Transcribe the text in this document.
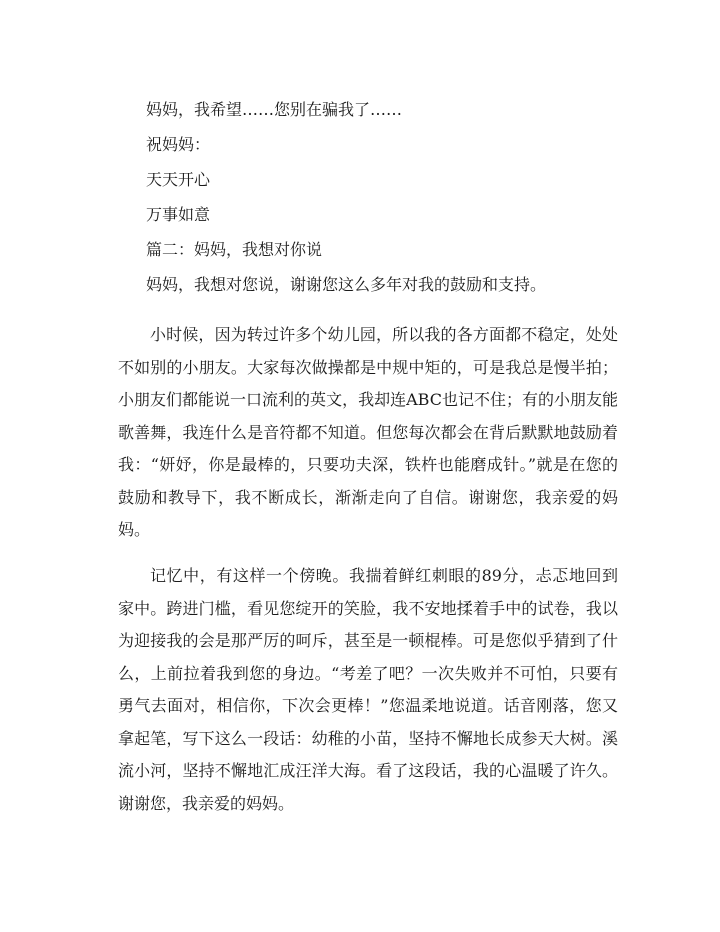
妈妈，我希望……您别在骗我了……
祝妈妈：
天天开心
万事如意
篇二：妈妈，我想对你说
妈妈，我想对您说，谢谢您这么多年对我的鼓励和支持。

小时候，因为转过许多个幼儿园，所以我的各方面都不稳定，处处不如别的小朋友。大家每次做操都是中规中矩的，可是我总是慢半拍；小朋友们都能说一口流利的英文，我却连ABC也记不住；有的小朋友能歌善舞，我连什么是音符都不知道。但您每次都会在背后默默地鼓励着我：“妍妤，你是最棒的，只要功夫深，铁杵也能磨成针。”就是在您的鼓励和教导下，我不断成长，渐渐走向了自信。谢谢您，我亲爱的妈妈。

记忆中，有这样一个傍晚。我揣着鲜红刺眼的89分，忐忑地回到家中。跨进门槛，看见您绽开的笑脸，我不安地揉着手中的试卷，我以为迎接我的会是那严厉的呵斥，甚至是一顿棍棒。可是您似乎猜到了什么，上前拉着我到您的身边。“考差了吧？一次失败并不可怕，只要有勇气去面对，相信你，下次会更棒！”您温柔地说道。话音刚落，您又拿起笔，写下这么一段话：幼稚的小苗，坚持不懈地长成参天大树。溪流小河，坚持不懈地汇成汪洋大海。看了这段话，我的心温暖了许久。谢谢您，我亲爱的妈妈。
